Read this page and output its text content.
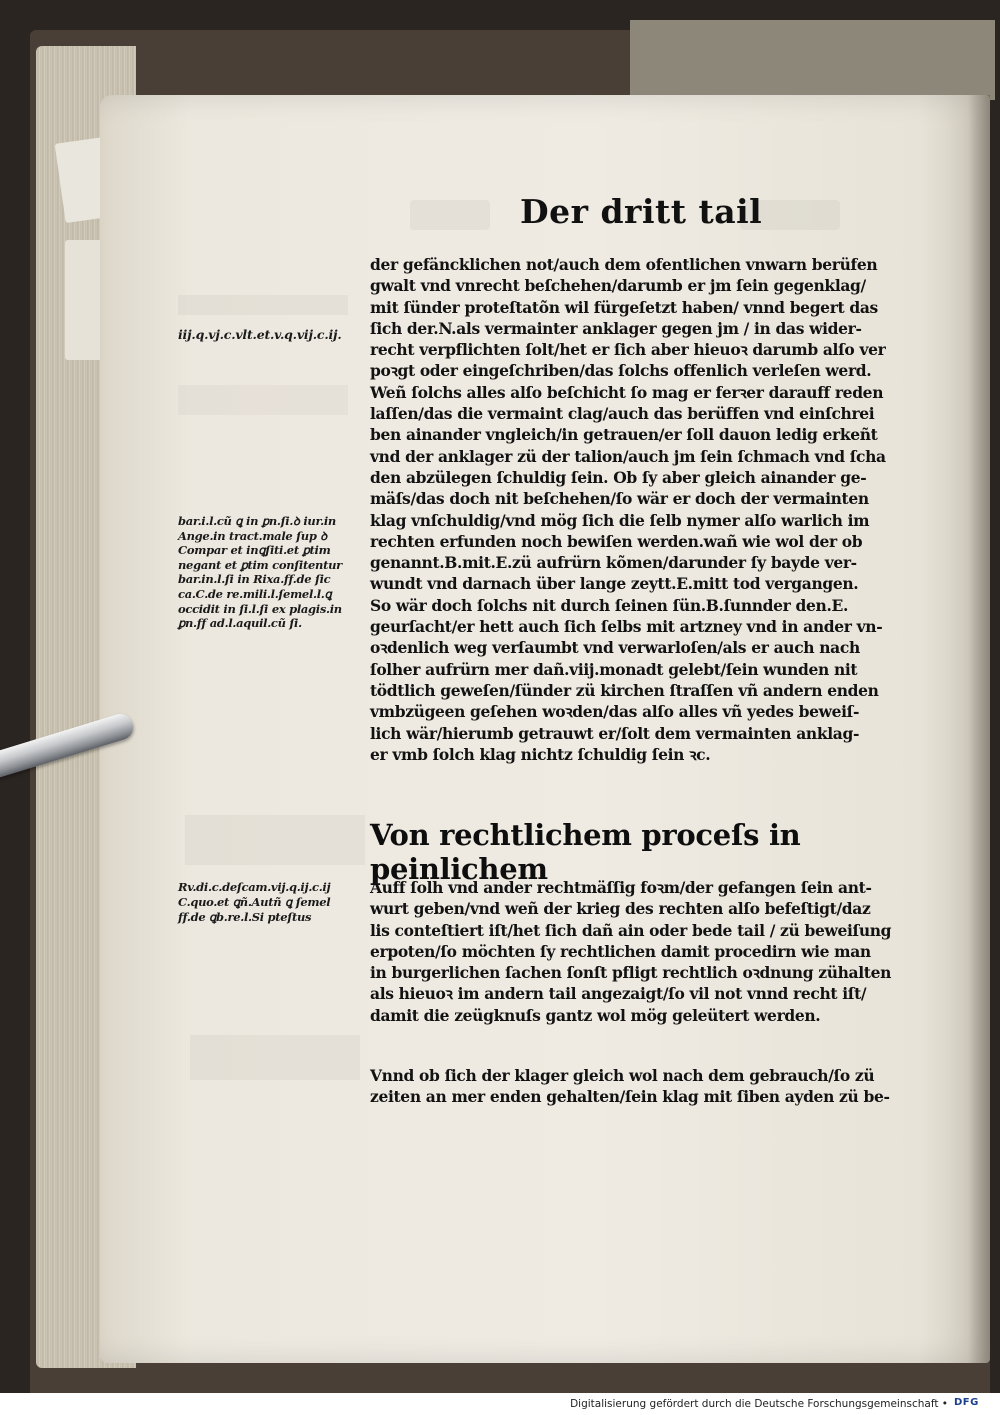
Der dritt tail
iij.q.vj.c.vlt.et.v.q.vij.c.ij.
bar.i.l.cũ ꝗ in ꝑn.ſi.ꝺ iur.in
Ange.in tract.male ſup ꝺ
Compar et inꝗſiti.et ꝑtim
negant et ꝑtim conſitentur
bar.in.l.ſi in Rixa.ff.de ſic
ca.C.de re.mili.l.ſemel.l.ꝗ
occidit in ſi.l.ſi ex plagis.in
ꝑn.ff ad.l.aquil.cũ ſi.
Rv.di.c.deſcam.vij.q.ij.c.ij
C.quo.et ꝗñ.Autñ ꝗ ſemel
ff.de ꝗb.re.l.Si pteſtus
der gefäncklichen not/auch dem ofentlichen vnwarn berüfen
gwalt vnd vnrecht beſchehen/darumb er jm ſein gegenklag/
mit ſünder proteſtatõn wil fürgeſetzt haben/ vnnd begert das
ſich der.N.als vermainter anklager gegen jm / in das wider-
recht verpflichten ſolt/het er ſich aber hieuoꝛ darumb alſo ver
poꝛgt oder eingeſchriben/das ſolchs offenlich verleſen werd.
Weñ ſolchs alles alſo beſchicht ſo mag er ferꝛer darauff reden
laſſen/das die vermaint clag/auch das berüffen vnd einſchrei
ben ainander vngleich/in getrauen/er ſoll dauon ledig erkeñt
vnd der anklager zü der talion/auch jm ſein ſchmach vnd ſcha
den abzülegen ſchuldig ſein. Ob ſy aber gleich ainander ge-
mäſs/das doch nit beſchehen/ſo wär er doch der vermainten
klag vnſchuldig/vnd mög ſich die ſelb nymer alſo warlich im
rechten erfunden noch bewiſen werden.wañ wie wol der ob
genannt.B.mit.E.zü aufrürn kõmen/darunder ſy bayde ver-
wundt vnd darnach über lange zeytt.E.mitt tod vergangen.
So wär doch ſolchs nit durch ſeinen ſün.B.ſunnder den.E.
geurſacht/er hett auch ſich ſelbs mit artzney vnd in ander vn-
oꝛdenlich weg verſaumbt vnd verwarloſen/als er auch nach
ſolher aufrürn mer dañ.viij.monadt gelebt/ſein wunden nit
tödtlich geweſen/ſünder zü kirchen ſtraſſen vñ andern enden
vmbzügeen geſehen woꝛden/das alſo alles vñ yedes beweiſ-
lich wär/hierumb getrauwt er/ſolt dem vermainten anklag-
er vmb ſolch klag nichtz ſchuldig ſein ꝛc.
Von rechtlichem proceſs in peinlichem
Auff ſolh vnd ander rechtmäſſig foꝛm/der gefangen ſein ant-
wurt geben/vnd weñ der krieg des rechten alſo befeſtigt/daz
lis conteſtiert iſt/het ſich dañ ain oder bede tail / zü beweiſung
erpoten/ſo möchten ſy rechtlichen damit procedirn wie man
in burgerlichen ſachen ſonſt pfligt rechtlich oꝛdnung zühalten
als hieuoꝛ im andern tail angezaigt/ſo vil not vnnd recht iſt/
damit die zeügknuſs gantz wol mög geleütert werden.
Vnnd ob ſich der klager gleich wol nach dem gebrauch/ſo zü
zeiten an mer enden gehalten/ſein klag mit ſiben ayden zü be-
Digitalisierung gefördert durch die Deutsche Forschungsgemeinschaft • DFG
